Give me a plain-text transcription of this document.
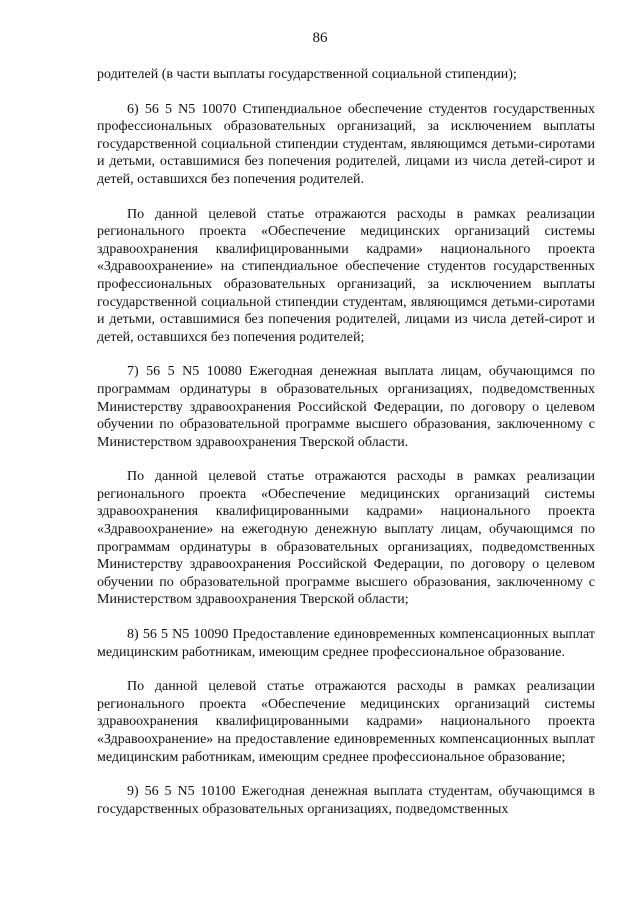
86

родителей (в части выплаты государственной социальной стипендии);

6) 56 5 N5 10070 Стипендиальное обеспечение студентов государственных профессиональных образовательных организаций, за исключением выплаты государственной социальной стипендии студентам, являющимся детьми-сиротами и детьми, оставшимися без попечения родителей, лицами из числа детей-сирот и детей, оставшихся без попечения родителей.

По данной целевой статье отражаются расходы в рамках реализации регионального проекта «Обеспечение медицинских организаций системы здравоохранения квалифицированными кадрами» национального проекта «Здравоохранение» на стипендиальное обеспечение студентов государственных профессиональных образовательных организаций, за исключением выплаты государственной социальной стипендии студентам, являющимся детьми-сиротами и детьми, оставшимися без попечения родителей, лицами из числа детей-сирот и детей, оставшихся без попечения родителей;

7) 56 5 N5 10080 Ежегодная денежная выплата лицам, обучающимся по программам ординатуры в образовательных организациях, подведомственных Министерству здравоохранения Российской Федерации, по договору о целевом обучении по образовательной программе высшего образования, заключенному с Министерством здравоохранения Тверской области.

По данной целевой статье отражаются расходы в рамках реализации регионального проекта «Обеспечение медицинских организаций системы здравоохранения квалифицированными кадрами» национального проекта «Здравоохранение» на ежегодную денежную выплату лицам, обучающимся по программам ординатуры в образовательных организациях, подведомственных Министерству здравоохранения Российской Федерации, по договору о целевом обучении по образовательной программе высшего образования, заключенному с Министерством здравоохранения Тверской области;

8) 56 5 N5 10090 Предоставление единовременных компенсационных выплат медицинским работникам, имеющим среднее профессиональное образование.

По данной целевой статье отражаются расходы в рамках реализации регионального проекта «Обеспечение медицинских организаций системы здравоохранения квалифицированными кадрами» национального проекта «Здравоохранение» на предоставление единовременных компенсационных выплат медицинским работникам, имеющим среднее профессиональное образование;

9) 56 5 N5 10100 Ежегодная денежная выплата студентам, обучающимся в государственных образовательных организациях, подведомственных
